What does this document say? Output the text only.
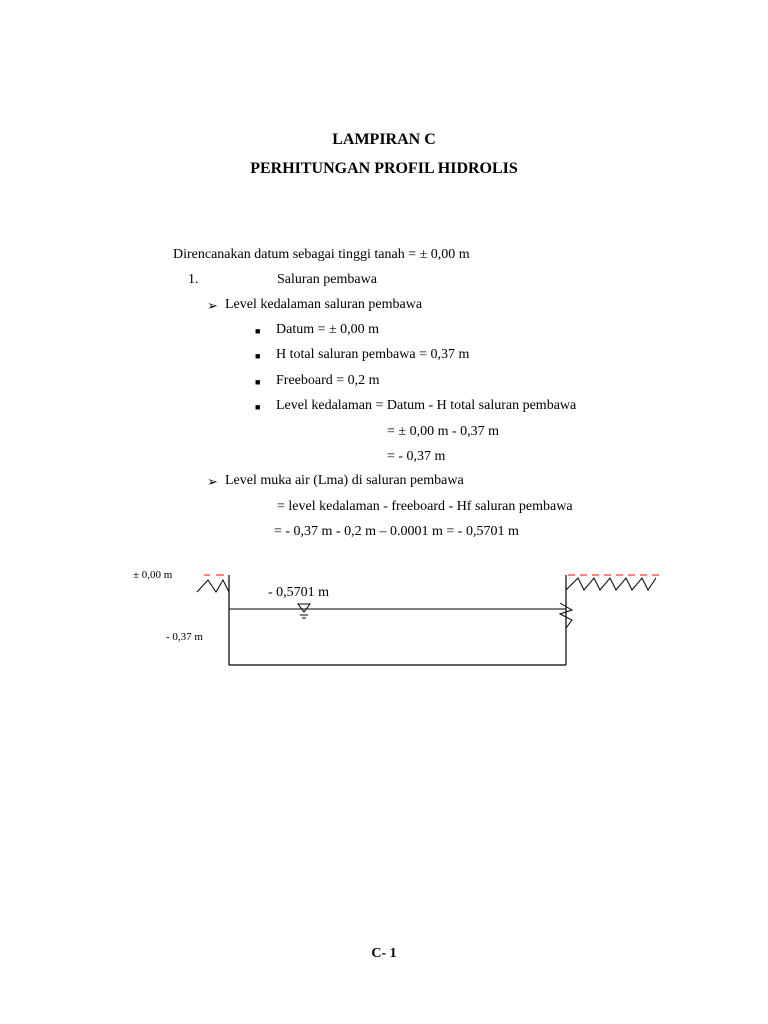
LAMPIRAN C
PERHITUNGAN PROFIL HIDROLIS
Direncanakan datum sebagai tinggi tanah = ± 0,00 m
1.	Saluran pembawa
➢ Level kedalaman saluran pembawa
■ Datum = ± 0,00 m
■ H total saluran pembawa = 0,37 m
■ Freeboard = 0,2 m
■ Level kedalaman = Datum - H total saluran pembawa
= ± 0,00 m - 0,37 m
= - 0,37 m
➢ Level muka air (Lma) di saluran pembawa
= level kedalaman - freeboard - Hf saluran pembawa
= - 0,37 m - 0,2 m – 0.0001 m = - 0,5701 m
± 0,00 m
- 0,5701 m
- 0,37 m
C- 1
